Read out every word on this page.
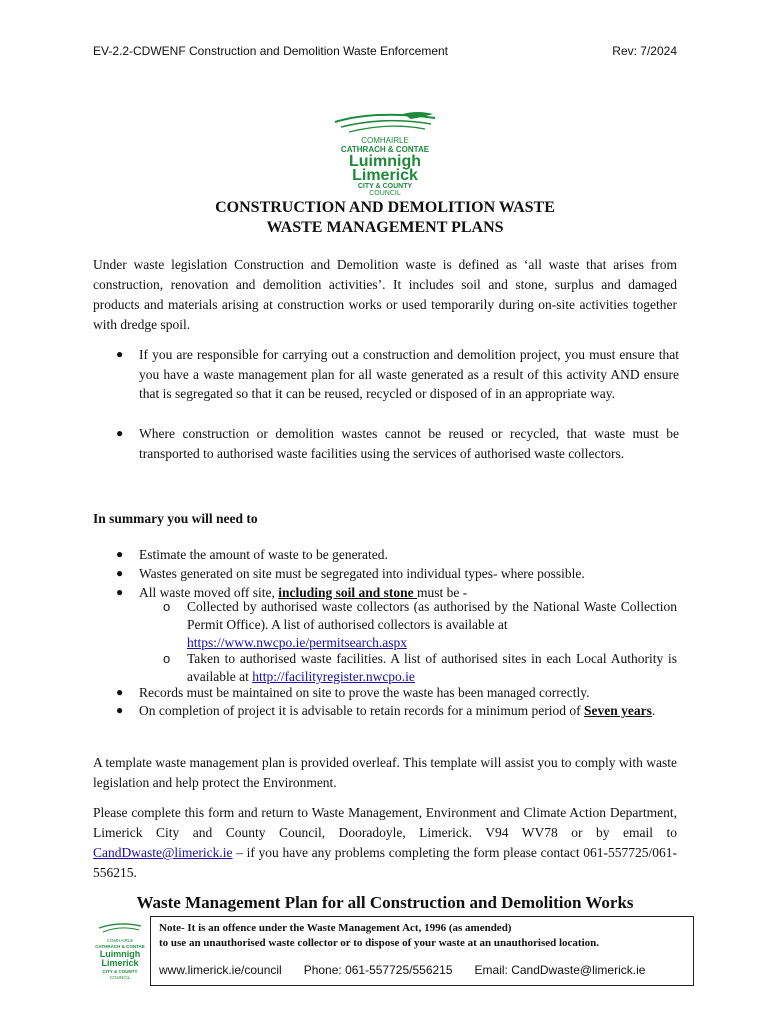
EV-2.2-CDWENF Construction and Demolition Waste Enforcement	Rev: 7/2024
COMHAIRLE
CATHRACH & CONTAE
Luimnigh
Limerick
CITY & COUNTY
COUNCIL
CONSTRUCTION AND DEMOLITION WASTE
WASTE MANAGEMENT PLANS

Under waste legislation Construction and Demolition waste is defined as ‘all waste that arises from construction, renovation and demolition activities’. It includes soil and stone, surplus and damaged products and materials arising at construction works or used temporarily during on-site activities together with dredge spoil.

● If you are responsible for carrying out a construction and demolition project, you must ensure that you have a waste management plan for all waste generated as a result of this activity AND ensure that is segregated so that it can be reused, recycled or disposed of in an appropriate way.

● Where construction or demolition wastes cannot be reused or recycled, that waste must be transported to authorised waste facilities using the services of authorised waste collectors.

In summary you will need to
● Estimate the amount of waste to be generated.

● Wastes generated on site must be segregated into individual types- where possible.

● All waste moved off site, including soil and stone must be -

o Collected by authorised waste collectors (as authorised by the National Waste Collection Permit Office). A list of authorised collectors is available at
https://www.nwcpo.ie/permitsearch.aspx

o Taken to authorised waste facilities. A list of authorised sites in each Local Authority is available at http://facilityregister.nwcpo.ie

● Records must be maintained on site to prove the waste has been managed correctly.

● On completion of project it is advisable to retain records for a minimum period of Seven years.

A template waste management plan is provided overleaf. This template will assist you to comply with waste legislation and help protect the Environment.

Please complete this form and return to Waste Management, Environment and Climate Action Department, Limerick City and County Council, Dooradoyle, Limerick. V94 WV78 or by email to CandDwaste@limerick.ie – if you have any problems completing the form please contact 061-557725/061-556215.

Waste Management Plan for all Construction and Demolition Works
COMHAIRLE
CATHRACH & CONTAE
Luimnigh
Limerick
CITY & COUNTY
COUNCIL
Note- It is an offence under the Waste Management Act, 1996 (as amended)
to use an unauthorised waste collector or to dispose of your waste at an unauthorised location.
www.limerick.ie/council Phone: 061-557725/556215 Email: CandDwaste@limerick.ie
